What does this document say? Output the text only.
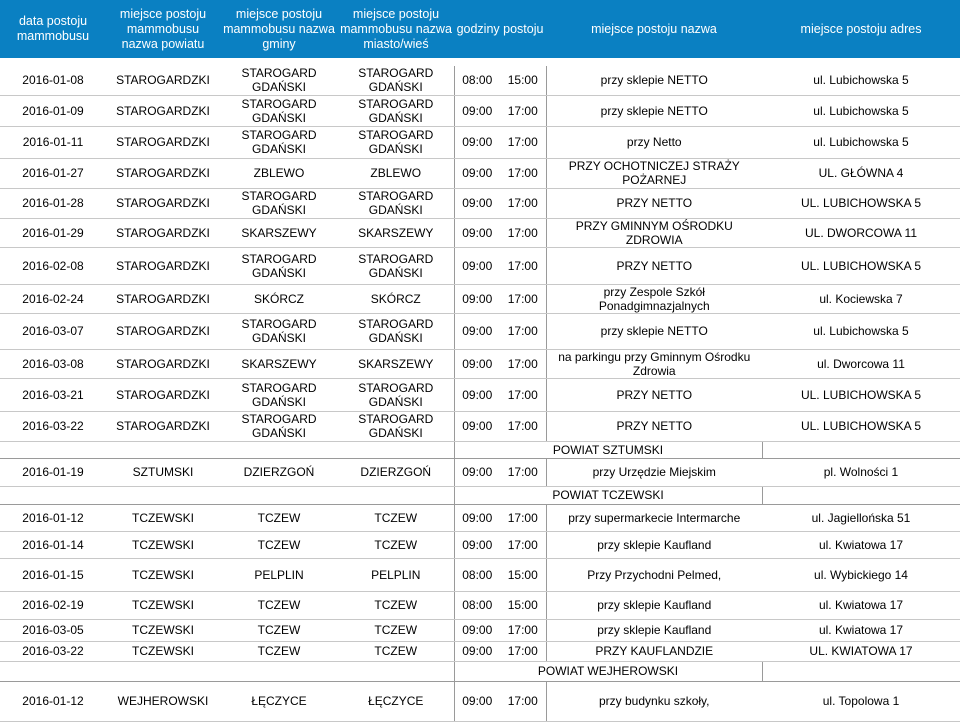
data postoju mammobusu	miejsce postoju mammobusu nazwa powiatu	miejsce postoju mammobusu nazwa gminy	miejsce postoju mammobusu nazwa miasto/wieś	godziny postoju		miejsce postoju nazwa	miejsce postoju adres

2016-01-08	STAROGARDZKI	STAROGARD GDAŃSKI	STAROGARD GDAŃSKI	08:00	15:00	przy sklepie NETTO	ul. Lubichowska 5
2016-01-09	STAROGARDZKI	STAROGARD GDAŃSKI	STAROGARD GDAŃSKI	09:00	17:00	przy sklepie NETTO	ul. Lubichowska 5
2016-01-11	STAROGARDZKI	STAROGARD GDAŃSKI	STAROGARD GDAŃSKI	09:00	17:00	przy Netto	ul. Lubichowska 5
2016-01-27	STAROGARDZKI	ZBLEWO	ZBLEWO	09:00	17:00	PRZY OCHOTNICZEJ STRAŻY POŻARNEJ	UL. GŁÓWNA 4
2016-01-28	STAROGARDZKI	STAROGARD GDAŃSKI	STAROGARD GDAŃSKI	09:00	17:00	PRZY NETTO	UL. LUBICHOWSKA 5
2016-01-29	STAROGARDZKI	SKARSZEWY	SKARSZEWY	09:00	17:00	PRZY GMINNYM OŚRODKU ZDROWIA	UL. DWORCOWA 11
2016-02-08	STAROGARDZKI	STAROGARD GDAŃSKI	STAROGARD GDAŃSKI	09:00	17:00	PRZY NETTO	UL. LUBICHOWSKA 5
2016-02-24	STAROGARDZKI	SKÓRCZ	SKÓRCZ	09:00	17:00	przy Zespole Szkół Ponadgimnazjalnych	ul. Kociewska 7
2016-03-07	STAROGARDZKI	STAROGARD GDAŃSKI	STAROGARD GDAŃSKI	09:00	17:00	przy sklepie NETTO	ul. Lubichowska 5
2016-03-08	STAROGARDZKI	SKARSZEWY	SKARSZEWY	09:00	17:00	na parkingu przy Gminnym Ośrodku Zdrowia	ul. Dworcowa 11
2016-03-21	STAROGARDZKI	STAROGARD GDAŃSKI	STAROGARD GDAŃSKI	09:00	17:00	PRZY NETTO	UL. LUBICHOWSKA 5
2016-03-22	STAROGARDZKI	STAROGARD GDAŃSKI	STAROGARD GDAŃSKI	09:00	17:00	PRZY NETTO	UL. LUBICHOWSKA 5
				POWIAT SZTUMSKI			
2016-01-19	SZTUMSKI	DZIERZGOŃ	DZIERZGOŃ	09:00	17:00	przy Urzędzie Miejskim	pl. Wolności 1
				POWIAT TCZEWSKI			
2016-01-12	TCZEWSKI	TCZEW	TCZEW	09:00	17:00	przy supermarkecie Intermarche	ul. Jagiellońska 51
2016-01-14	TCZEWSKI	TCZEW	TCZEW	09:00	17:00	przy sklepie Kaufland	ul. Kwiatowa 17
2016-01-15	TCZEWSKI	PELPLIN	PELPLIN	08:00	15:00	Przy Przychodni Pelmed,	ul. Wybickiego 14
2016-02-19	TCZEWSKI	TCZEW	TCZEW	08:00	15:00	przy sklepie Kaufland	ul. Kwiatowa 17
2016-03-05	TCZEWSKI	TCZEW	TCZEW	09:00	17:00	przy sklepie Kaufland	ul. Kwiatowa 17
2016-03-22	TCZEWSKI	TCZEW	TCZEW	09:00	17:00	PRZY KAUFLANDZIE	UL. KWIATOWA 17
				POWIAT WEJHEROWSKI			
2016-01-12	WEJHEROWSKI	ŁĘCZYCE	ŁĘCZYCE	09:00	17:00	przy budynku szkoły,	ul. Topolowa 1
